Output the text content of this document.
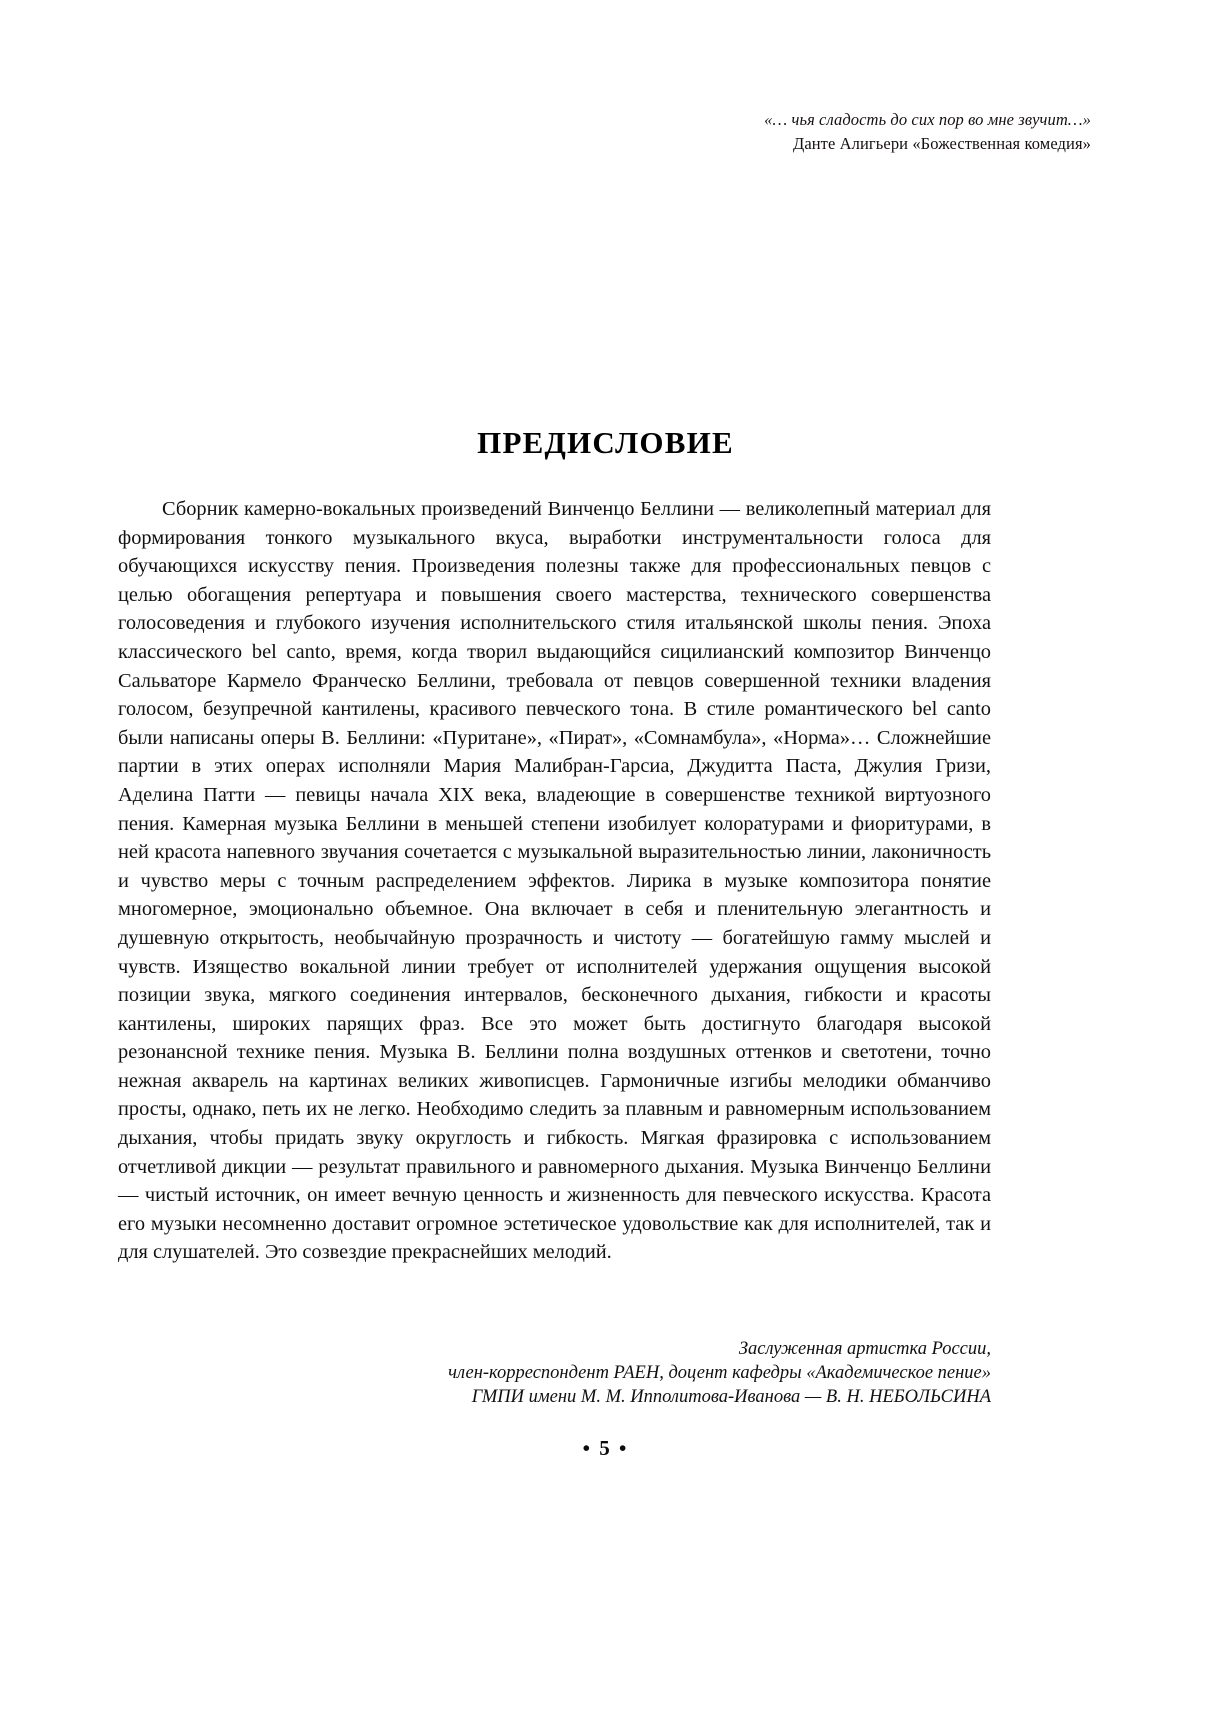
«… чья сладость до сих пор во мне звучит…»
Данте Алигьери «Божественная комедия»
ПРЕДИСЛОВИЕ
Сборник камерно-вокальных произведений Винченцо Беллини — великолепный материал для формирования тонкого музыкального вкуса, выработки инструментальности голоса для обучающихся искусству пения. Произведения полезны также для профессиональных певцов с целью обогащения репертуара и повышения своего мастерства, технического совершенства голосоведения и глубокого изучения исполнительского стиля итальянской школы пения. Эпоха классического bel canto, время, когда творил выдающийся сицилианский композитор Винченцо Сальваторе Кармело Франческо Беллини, требовала от певцов совершенной техники владения голосом, безупречной кантилены, красивого певческого тона. В стиле романтического bel canto были написаны оперы В. Беллини: «Пуритане», «Пират», «Сомнамбула», «Норма»… Сложнейшие партии в этих операх исполняли Мария Малибран-Гарсиа, Джудитта Паста, Джулия Гризи, Аделина Патти — певицы начала XIX века, владеющие в совершенстве техникой виртуозного пения. Камерная музыка Беллини в меньшей степени изобилует колоратурами и фиоритурами, в ней красота напевного звучания сочетается с музыкальной выразительностью линии, лаконичность и чувство меры с точным распределением эффектов. Лирика в музыке композитора понятие многомерное, эмоционально объемное. Она включает в себя и пленительную элегантность и душевную открытость, необычайную прозрачность и чистоту — богатейшую гамму мыслей и чувств. Изящество вокальной линии требует от исполнителей удержания ощущения высокой позиции звука, мягкого соединения интервалов, бесконечного дыхания, гибкости и красоты кантилены, широких парящих фраз. Все это может быть достигнуто благодаря высокой резонансной технике пения. Музыка В. Беллини полна воздушных оттенков и светотени, точно нежная акварель на картинах великих живописцев. Гармоничные изгибы мелодики обманчиво просты, однако, петь их не легко. Необходимо следить за плавным и равномерным использованием дыхания, чтобы придать звуку округлость и гибкость. Мягкая фразировка с использованием отчетливой дикции — результат правильного и равномерного дыхания. Музыка Винченцо Беллини — чистый источник, он имеет вечную ценность и жизненность для певческого искусства. Красота его музыки несомненно доставит огромное эстетическое удовольствие как для исполнителей, так и для слушателей. Это созвездие прекраснейших мелодий.
Заслуженная артистка России,
член-корреспондент РАЕН, доцент кафедры «Академическое пение»
ГМПИ имени М. М. Ипполитова-Иванова — В. Н. НЕБОЛЬСИНА
• 5 •
